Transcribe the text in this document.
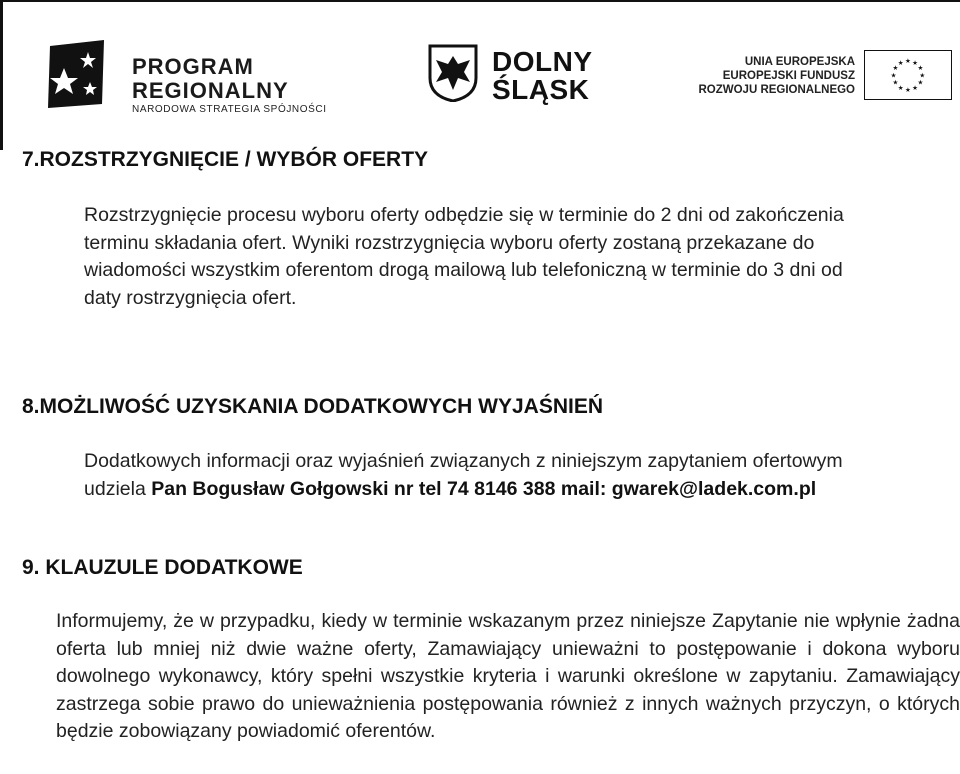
PROGRAM
REGIONALNY
NARODOWA STRATEGIA SPÓJNOŚCI
DOLNY
ŚLĄSK
UNIA EUROPEJSKA
EUROPEJSKI FUNDUSZ
ROZWOJU REGIONALNEGO
★
★
★
★
★
★
★
★
★ ★ ★
★
7.ROZSTRZYGNIĘCIE / WYBÓR OFERTY
Rozstrzygnięcie procesu wyboru oferty odbędzie się w terminie do 2 dni od zakończenia terminu składania ofert. Wyniki rozstrzygnięcia wyboru oferty zostaną przekazane do wiadomości wszystkim oferentom drogą mailową lub telefoniczną w terminie do 3 dni od daty rostrzygnięcia ofert.
8.MOŻLIWOŚĆ UZYSKANIA DODATKOWYCH WYJAŚNIEŃ
Dodatkowych informacji oraz wyjaśnień związanych z niniejszym zapytaniem ofertowym udziela Pan Bogusław Gołgowski nr tel 74 8146 388 mail: gwarek@ladek.com.pl
9. KLAUZULE DODATKOWE
Informujemy, że w przypadku, kiedy w terminie wskazanym przez niniejsze Zapytanie nie wpłynie żadna oferta lub mniej niż dwie ważne oferty, Zamawiający unieważni to postępowanie i dokona wyboru dowolnego wykonawcy, który spełni wszystkie kryteria i warunki określone w zapytaniu. Zamawiający zastrzega sobie prawo do unieważnienia postępowania również z innych ważnych przyczyn, o których będzie zobowiązany powiadomić oferentów.
